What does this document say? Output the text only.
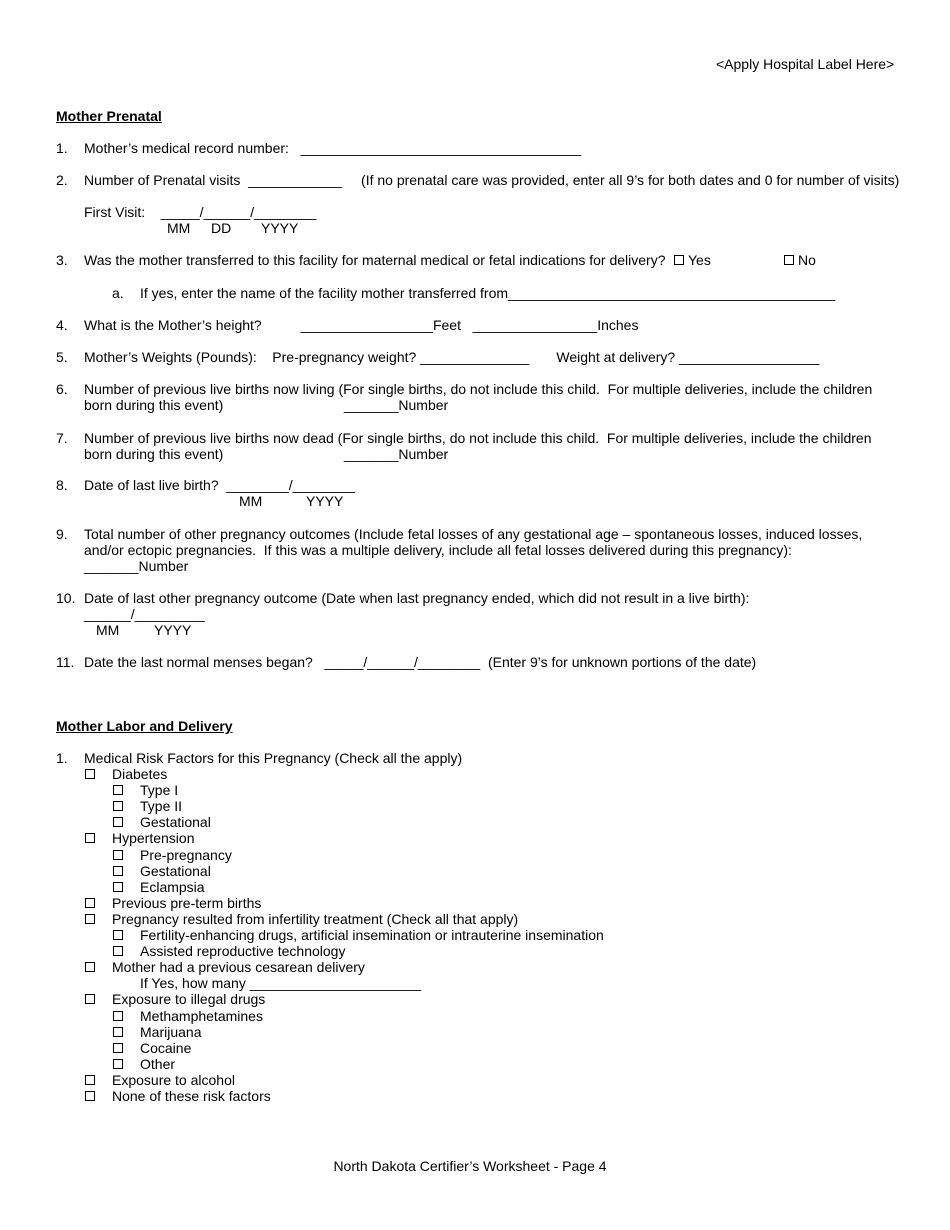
<Apply Hospital Label Here>
Mother Prenatal
1. Mother’s medical record number:   ____________________________________
2. Number of Prenatal visits  ____________     (If no prenatal care was provided, enter all 9’s for both dates and 0 for number of visits)
First Visit:    _____/______/________
MM DD YYYY
3. Was the mother transferred to this facility for maternal medical or fetal indications for delivery? Yes	No
a. If yes, enter the name of the facility mother transferred from__________________________________________
4. What is the Mother’s height?          _________________Feet   ________________Inches
5. Mother’s Weights (Pounds):    Pre-pregnancy weight? ______________       Weight at delivery? __________________
6. Number of previous live births now living (For single births, do not include this child.  For multiple deliveries, include the children
born during this event)                               _______Number
7. Number of previous live births now dead (For single births, do not include this child.  For multiple deliveries, include the children
born during this event)                               _______Number
8. Date of last live birth?  ________/________
MM	YYYY
9. Total number of other pregnancy outcomes (Include fetal losses of any gestational age – spontaneous losses, induced losses,
and/or ectopic pregnancies.  If this was a multiple delivery, include all fetal losses delivered during this pregnancy):
_______Number
10. Date of last other pregnancy outcome (Date when last pregnancy ended, which did not result in a live birth):
______/_________
MM YYYY
11. Date the last normal menses began?   _____/______/________  (Enter 9’s for unknown portions of the date)
Mother Labor and Delivery
1. Medical Risk Factors for this Pregnancy (Check all the apply)
Diabetes
Type I
Type II
Gestational
Hypertension
Pre-pregnancy
Gestational
Eclampsia
Previous pre-term births
Pregnancy resulted from infertility treatment (Check all that apply)
Fertility-enhancing drugs, artificial insemination or intrauterine insemination
Assisted reproductive technology
Mother had a previous cesarean delivery
If Yes, how many ______________________
Exposure to illegal drugs
Methamphetamines
Marijuana
Cocaine
Other
Exposure to alcohol
None of these risk factors
North Dakota Certifier’s Worksheet - Page 4
